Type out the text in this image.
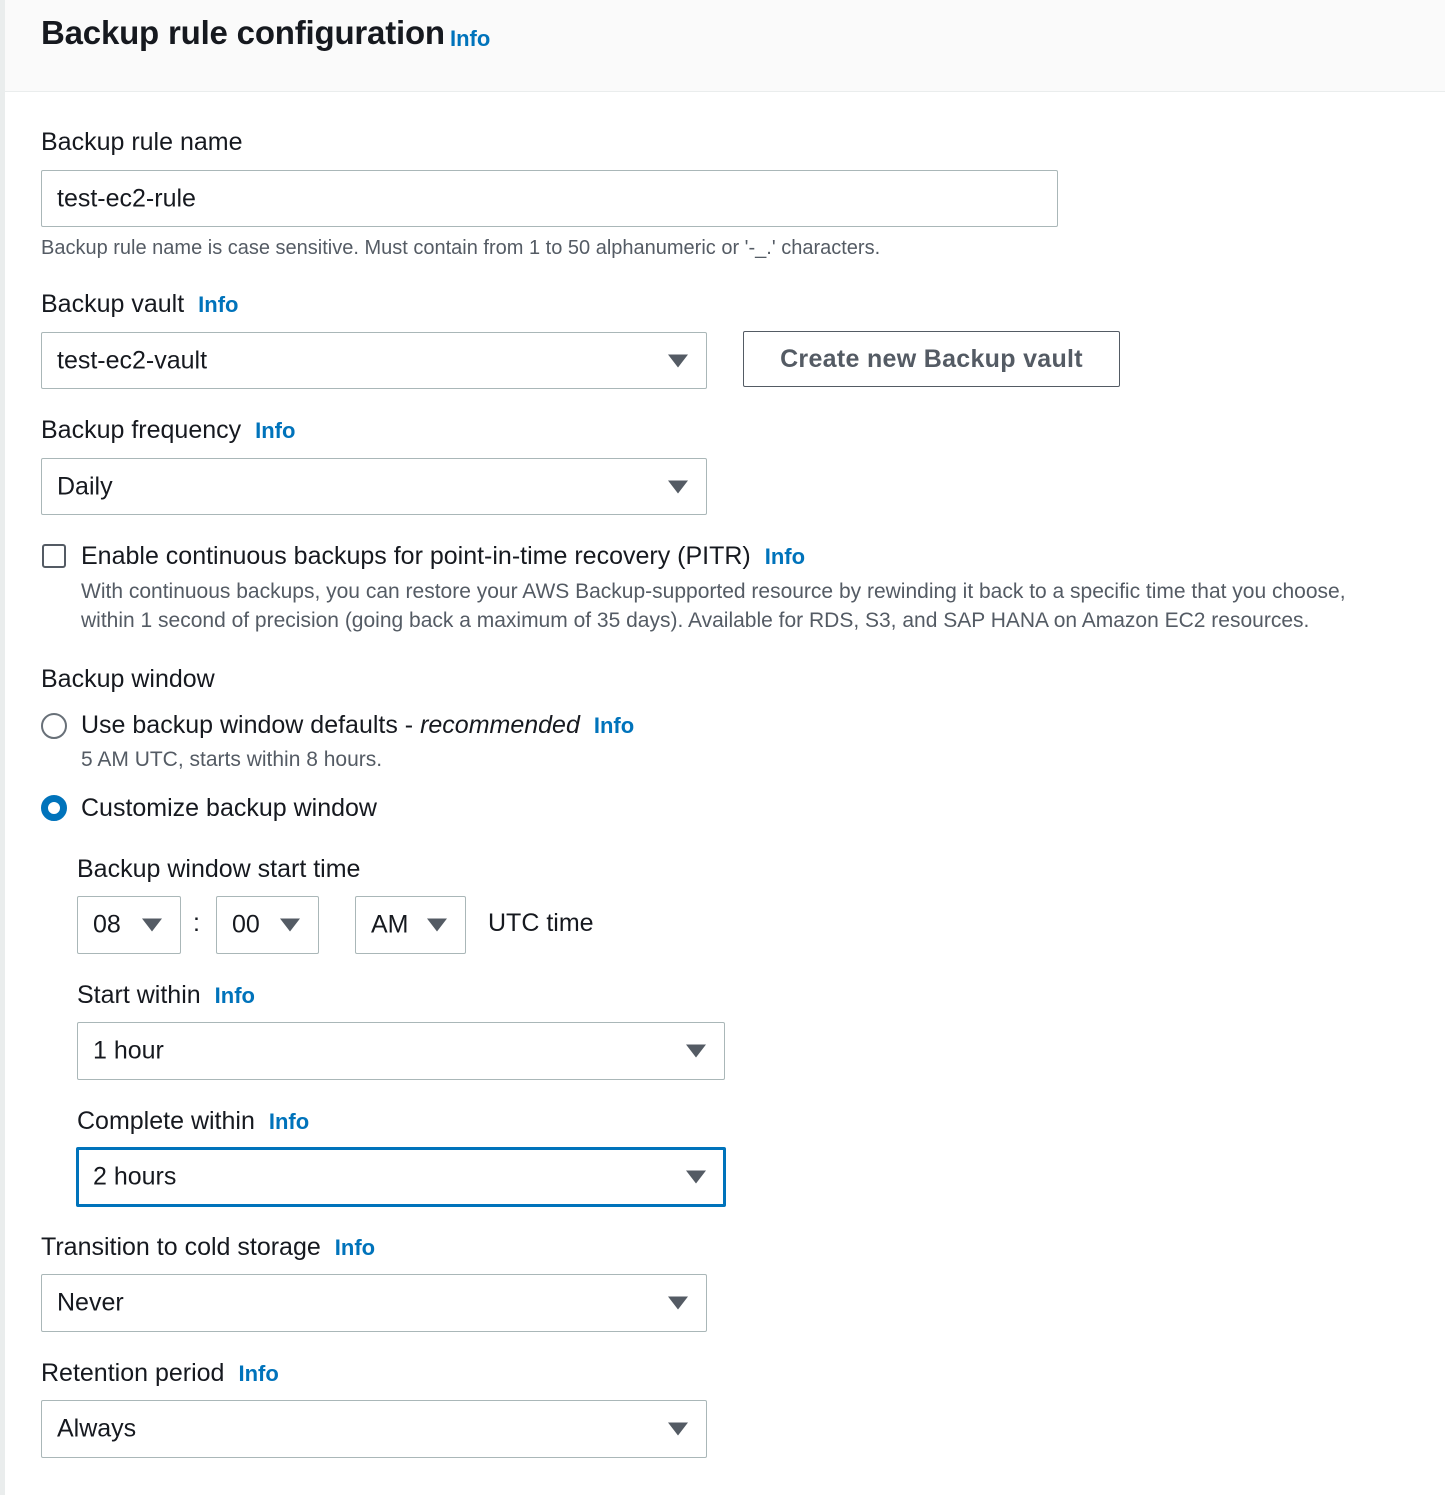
Backup rule configuration Info
Backup rule name
test-ec2-rule
Backup rule name is case sensitive. Must contain from 1 to 50 alphanumeric or '-_.' characters.
Backup vault Info
test-ec2-vault	Create new Backup vault
Backup frequency Info
Daily
Enable continuous backups for point-in-time recovery (PITR) Info
With continuous backups, you can restore your AWS Backup-supported resource by rewinding it back to a specific time that you choose,
within 1 second of precision (going back a maximum of 35 days). Available for RDS, S3, and SAP HANA on Amazon EC2 resources.
Backup window
Use backup window defaults - recommended Info
5 AM UTC, starts within 8 hours.
Customize backup window
Backup window start time
08	: 00	AM	UTC time
Start within Info
1 hour
Complete within Info
2 hours
Transition to cold storage Info
Never
Retention period Info
Always
